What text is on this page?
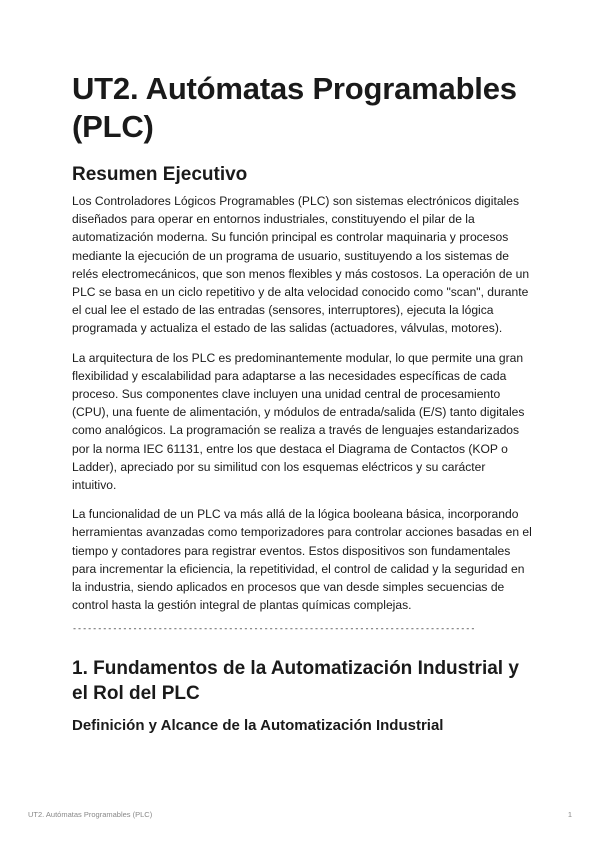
UT2. Autómatas Programables (PLC)
Resumen Ejecutivo

Los Controladores Lógicos Programables (PLC) son sistemas electrónicos digitales diseñados para operar en entornos industriales, constituyendo el pilar de la automatización moderna. Su función principal es controlar maquinaria y procesos mediante la ejecución de un programa de usuario, sustituyendo a los sistemas de relés electromecánicos, que son menos flexibles y más costosos. La operación de un PLC se basa en un ciclo repetitivo y de alta velocidad conocido como "scan", durante el cual lee el estado de las entradas (sensores, interruptores), ejecuta la lógica programada y actualiza el estado de las salidas (actuadores, válvulas, motores).

La arquitectura de los PLC es predominantemente modular, lo que permite una gran flexibilidad y escalabilidad para adaptarse a las necesidades específicas de cada proceso. Sus componentes clave incluyen una unidad central de procesamiento (CPU), una fuente de alimentación, y módulos de entrada/salida (E/S) tanto digitales como analógicos. La programación se realiza a través de lenguajes estandarizados por la norma IEC 61131, entre los que destaca el Diagrama de Contactos (KOP o Ladder), apreciado por su similitud con los esquemas eléctricos y su carácter intuitivo.

La funcionalidad de un PLC va más allá de la lógica booleana básica, incorporando herramientas avanzadas como temporizadores para controlar acciones basadas en el tiempo y contadores para registrar eventos. Estos dispositivos son fundamentales para incrementar la eficiencia, la repetitividad, el control de calidad y la seguridad en la industria, siendo aplicados en procesos que van desde simples secuencias de control hasta la gestión integral de plantas químicas complejas.

--------------------------------------------------------------------------------
1. Fundamentos de la Automatización Industrial y el Rol del PLC
Definición y Alcance de la Automatización Industrial
UT2. Autómatas Programables (PLC)	1
